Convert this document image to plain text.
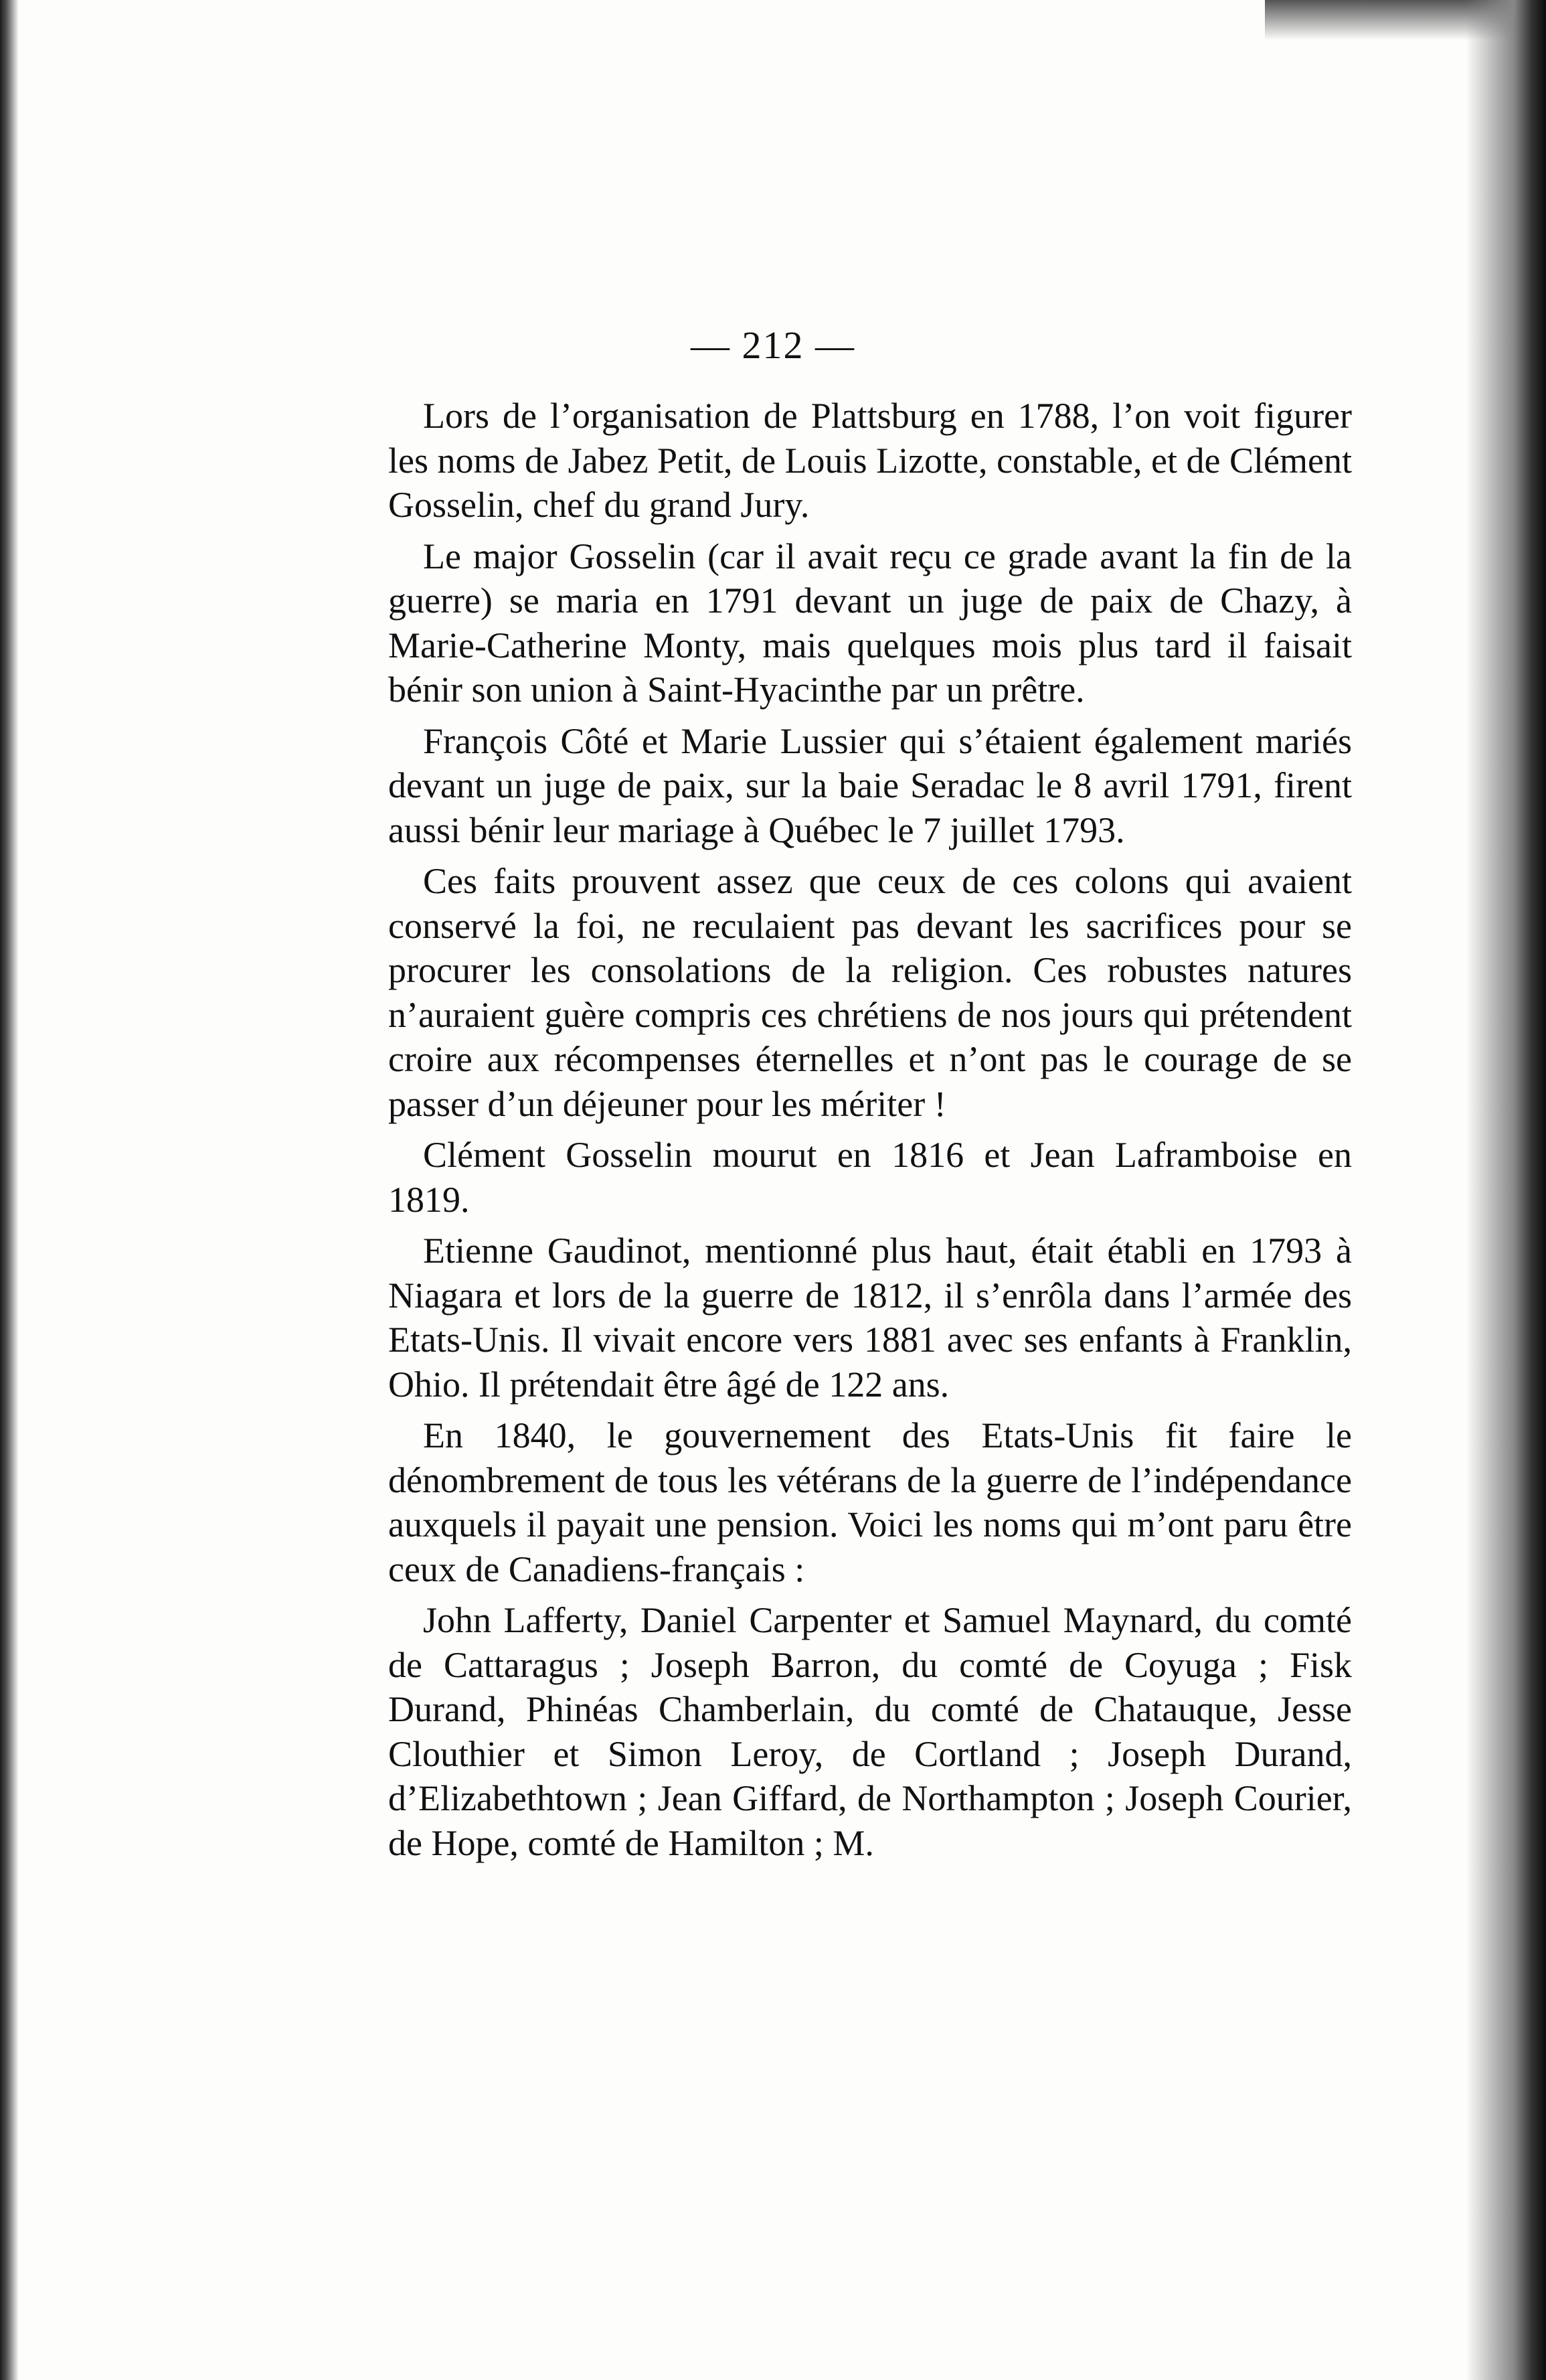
— 212 —

Lors de l’organisation de Plattsburg en 1788, l’on voit figurer les noms de Jabez Petit, de Louis Lizotte, constable, et de Clément Gosselin, chef du grand Jury.

Le major Gosselin (car il avait reçu ce grade avant la fin de la guerre) se maria en 1791 devant un juge de paix de Chazy, à Marie-Catherine Monty, mais quelques mois plus tard il faisait bénir son union à Saint-Hyacinthe par un prêtre.

François Côté et Marie Lussier qui s’étaient également mariés devant un juge de paix, sur la baie Seradac le 8 avril 1791, firent aussi bénir leur mariage à Québec le 7 juillet 1793.

Ces faits prouvent assez que ceux de ces colons qui avaient conservé la foi, ne reculaient pas devant les sacrifices pour se procurer les consolations de la religion. Ces robustes natures n’auraient guère compris ces chrétiens de nos jours qui prétendent croire aux récompenses éternelles et n’ont pas le courage de se passer d’un déjeuner pour les mériter !

Clément Gosselin mourut en 1816 et Jean Laframboise en 1819.

Etienne Gaudinot, mentionné plus haut, était établi en 1793 à Niagara et lors de la guerre de 1812, il s’enrôla dans l’armée des Etats-Unis. Il vivait encore vers 1881 avec ses enfants à Franklin, Ohio. Il prétendait être âgé de 122 ans.

En 1840, le gouvernement des Etats-Unis fit faire le dénombrement de tous les vétérans de la guerre de l’indépendance auxquels il payait une pension. Voici les noms qui m’ont paru être ceux de Canadiens-français :

John Lafferty, Daniel Carpenter et Samuel Maynard, du comté de Cattaragus ; Joseph Barron, du comté de Coyuga ; Fisk Durand, Phinéas Chamberlain, du comté de Chatauque, Jesse Clouthier et Simon Leroy, de Cortland ; Joseph Durand, d’Elizabethtown ; Jean Giffard, de Northampton ; Joseph Courier, de Hope, comté de Hamilton ; M.
